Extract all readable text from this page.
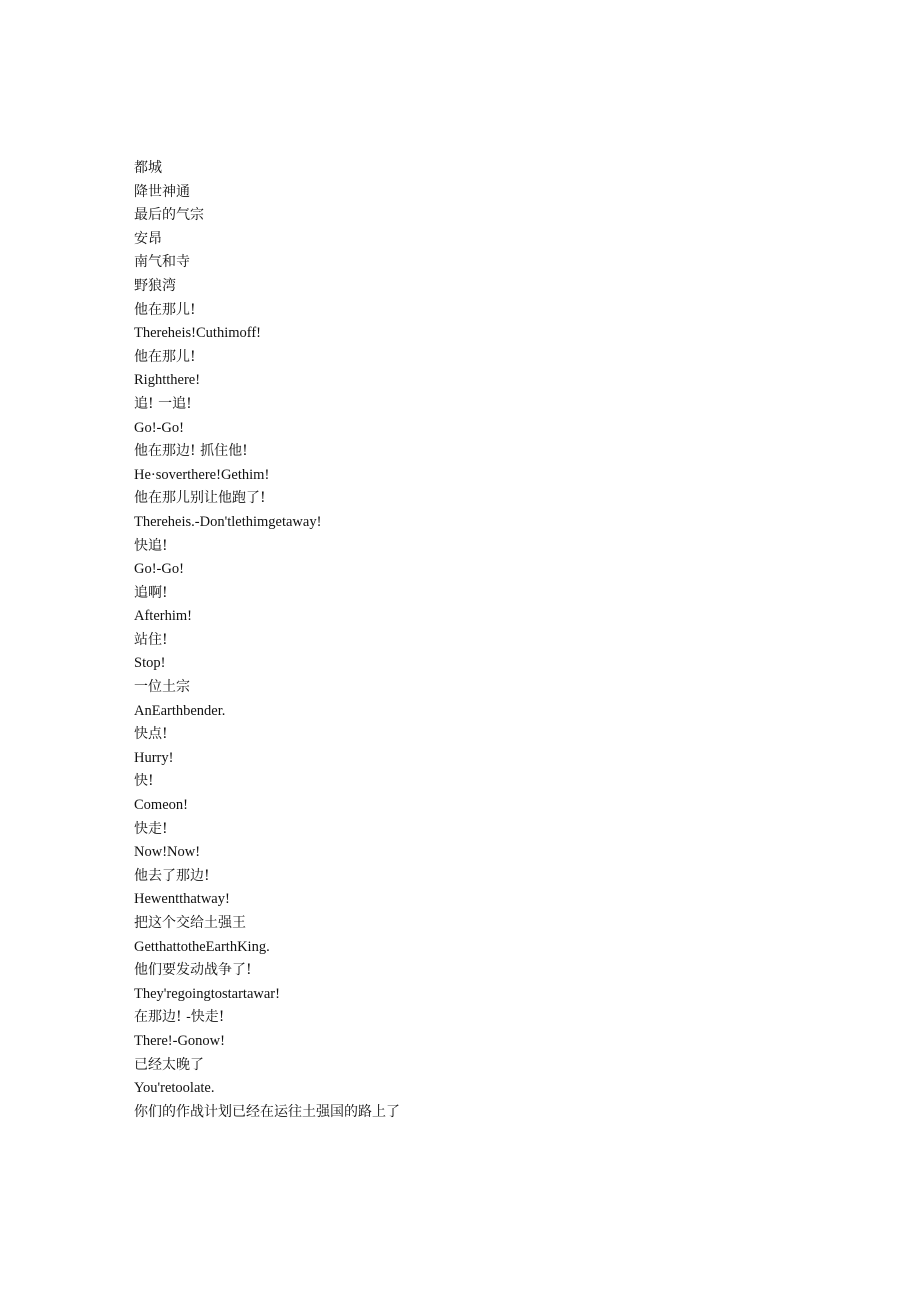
都城
降世神通
最后的气宗
安昂
南气和寺
野狼湾
他在那儿!
Thereheis!Cuthimoff!
他在那儿!
Rightthere!
追! 一追!
Go!-Go!
他在那边! 抓住他!
He·soverthere!Gethim!
他在那儿别让他跑了!
Thereheis.-Don'tlethimgetaway!
快追!
Go!-Go!
追啊!
Afterhim!
站住!
Stop!
一位土宗
AnEarthbender.
快点!
Hurry!
快!
Comeon!
快走!
Now!Now!
他去了那边!
Hewentthatway!
把这个交给土强王
GetthattotheEarthKing.
他们要发动战争了!
They'regoingtostartawar!
在那边! -快走!
There!-Gonow!
已经太晚了
You'retoolate.
你们的作战计划已经在运往土强国的路上了
